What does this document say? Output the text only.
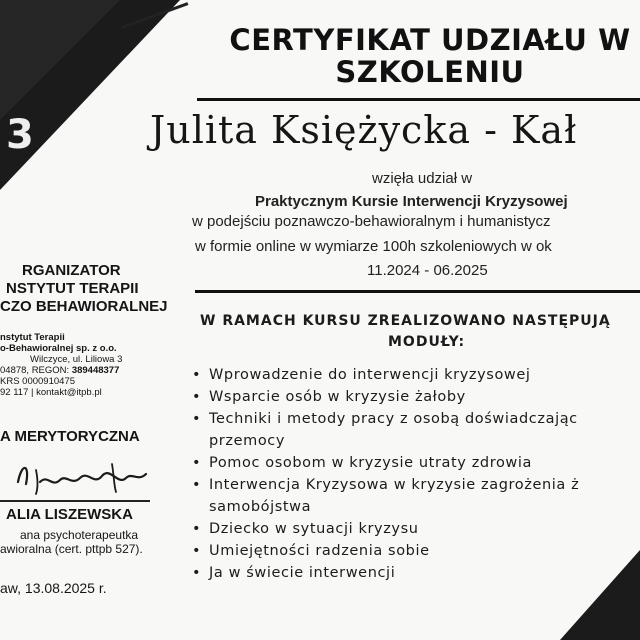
3
CERTYFIKAT UDZIAŁU W
SZKOLENIU
Julita Księżycka - Kał
wzięła udział w
Praktycznym Kursie Interwencji Kryzysowej
w podejściu poznawczo-behawioralnym i humanistycz
w formie online w wymiarze 100h szkoleniowych w ok
11.2024 - 06.2025
W RAMACH KURSU ZREALIZOWANO NASTĘPUJĄ
MODUŁY:
• Wprowadzenie do interwencji kryzysowej
• Wsparcie osób w kryzysie żałoby
• Techniki i metody pracy z osobą doświadczając
przemocy
• Pomoc osobom w kryzysie utraty zdrowia
• Interwencja Kryzysowa w kryzysie zagrożenia ż
samobójstwa
• Dziecko w sytuacji kryzysu
• Umiejętności radzenia sobie
• Ja w świecie interwencji
RGANIZATOR
NSTYTUT TERAPII
CZO BEHAWIORALNEJ
nstytut Terapii
o-Behawioralnej sp. z o.o.
Wilczyce, ul. Liliowa 3
04878, REGON: 389448377
KRS 0000910475
92 117 | kontakt@itpb.pl
A MERYTORYCZNA
ALIA LISZEWSKA
ana psychoterapeutka
awioralna (cert. pttpb 527).
aw, 13.08.2025 r.
